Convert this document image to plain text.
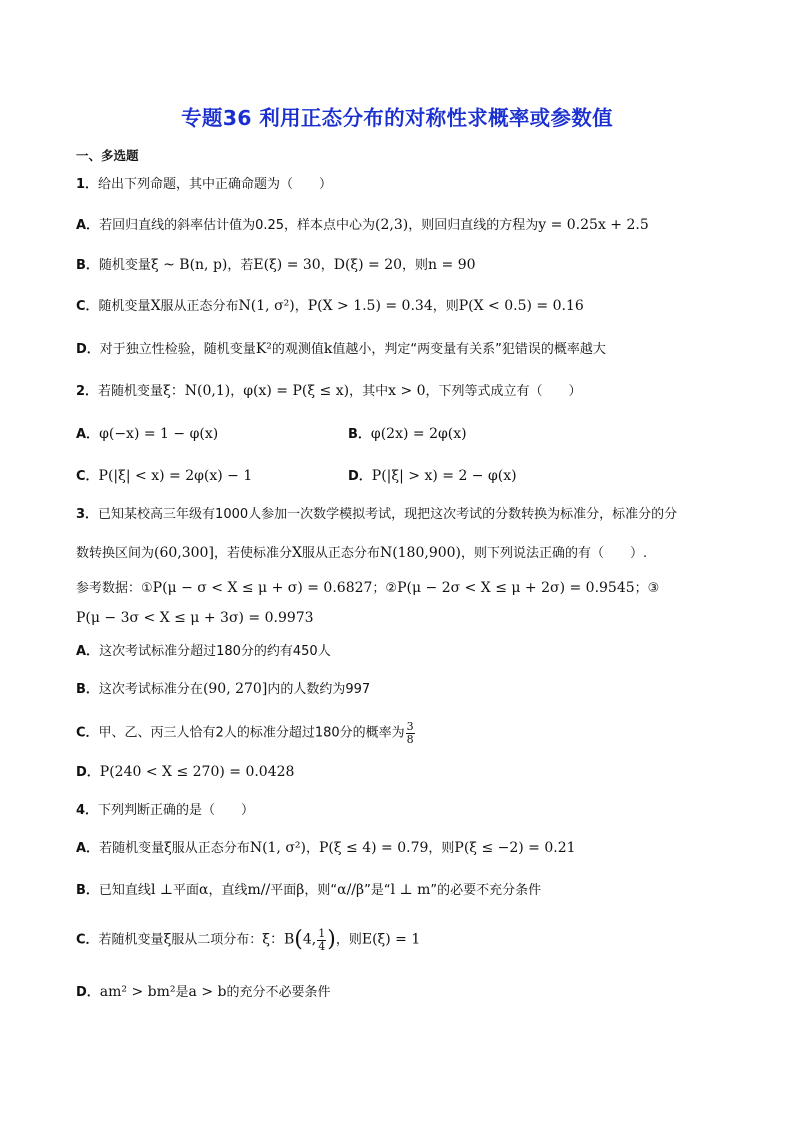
专题36 利用正态分布的对称性求概率或参数值
一、多选题
1．给出下列命题，其中正确命题为（　　）
A．若回归直线的斜率估计值为0.25，样本点中心为(2,3)，则回归直线的方程为y = 0.25x + 2.5
B．随机变量ξ ~ B(n, p)，若E(ξ) = 30，D(ξ) = 20，则n = 90
C．随机变量X服从正态分布N(1, σ²)，P(X > 1.5) = 0.34，则P(X < 0.5) = 0.16
D．对于独立性检验，随机变量K²的观测值k值越小，判定“两变量有关系”犯错误的概率越大
2．若随机变量ξ：N(0,1)，φ(x) = P(ξ ≤ x)，其中x > 0，下列等式成立有（　　）
A．φ(−x) = 1 − φ(x)	B．φ(2x) = 2φ(x)
C．P(|ξ| < x) = 2φ(x) − 1	D．P(|ξ| > x) = 2 − φ(x)
3．已知某校高三年级有1000人参加一次数学模拟考试，现把这次考试的分数转换为标准分，标准分的分
数转换区间为(60,300]，若使标准分X服从正态分布N(180,900)，则下列说法正确的有（　　）.
参考数据：①P(μ − σ < X ≤ μ + σ) = 0.6827；②P(μ − 2σ < X ≤ μ + 2σ) = 0.9545；③
P(μ − 3σ < X ≤ μ + 3σ) = 0.9973
A．这次考试标准分超过180分的约有450人
B．这次考试标准分在(90, 270]内的人数约为997
C．甲、乙、丙三人恰有2人的标准分超过180分的概率为 $\frac{3}{8}$
D．P(240 < X ≤ 270) = 0.0428
4．下列判断正确的是（　　）
A．若随机变量ξ服从正态分布N(1, σ²)，P(ξ ≤ 4) = 0.79，则P(ξ ≤ −2) = 0.21
B．已知直线l ⊥平面α，直线m//平面β，则“α//β”是“l ⊥ m”的必要不充分条件
C．若随机变量ξ服从二项分布：ξ：B(4, $\frac{1}{4}$ )，则E(ξ) = 1
D．am² > bm²是a > b的充分不必要条件
